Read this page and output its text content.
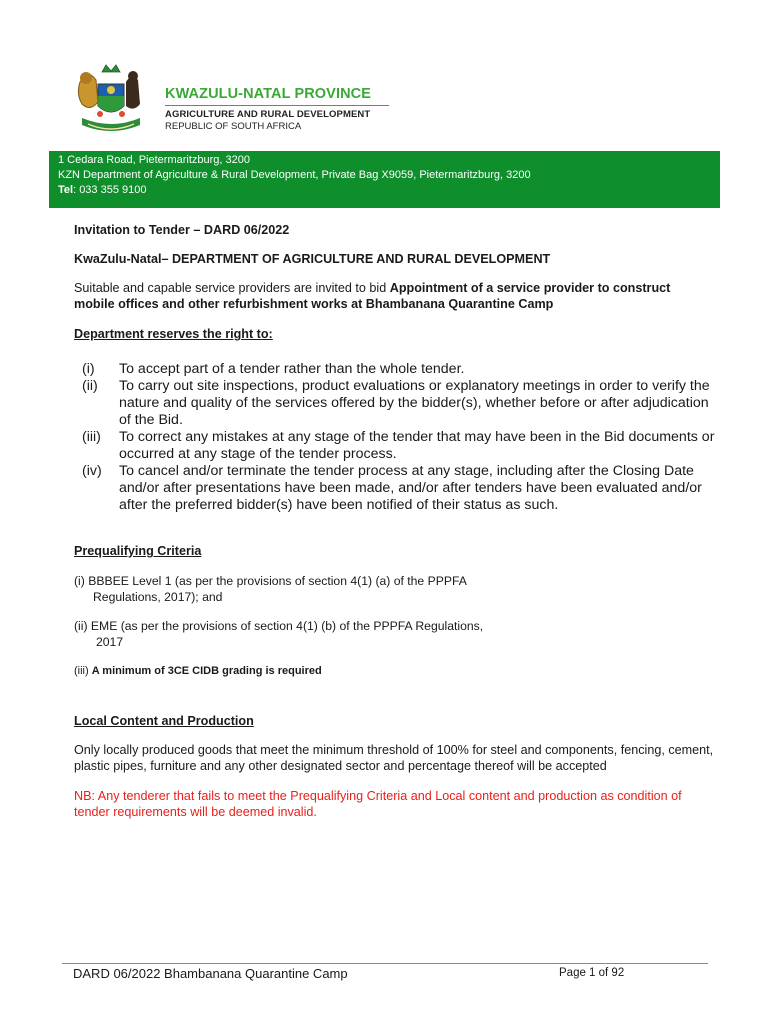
KWAZULU-NATAL PROVINCE
AGRICULTURE AND RURAL DEVELOPMENT
REPUBLIC OF SOUTH AFRICA
1 Cedara Road, Pietermaritzburg, 3200
KZN Department of Agriculture & Rural Development, Private Bag X9059, Pietermaritzburg, 3200
Tel: 033 355 9100

Invitation to Tender – DARD 06/2022

KwaZulu-Natal– DEPARTMENT OF AGRICULTURE AND RURAL DEVELOPMENT

Suitable and capable service providers are invited to bid Appointment of a service provider to construct mobile offices and other refurbishment works at Bhambanana Quarantine Camp

Department reserves the right to:

(i)	To accept part of a tender rather than the whole tender.
(ii)	To carry out site inspections, product evaluations or explanatory meetings in order to verify the nature and quality of the services offered by the bidder(s), whether before or after adjudication of the Bid.
(iii)	To correct any mistakes at any stage of the tender that may have been in the Bid documents or occurred at any stage of the tender process.
(iv)	To cancel and/or terminate the tender process at any stage, including after the Closing Date and/or after presentations have been made, and/or after tenders have been evaluated and/or after the preferred bidder(s) have been notified of their status as such.

Prequalifying Criteria

(i) BBBEE Level 1 (as per the provisions of section 4(1) (a) of the PPPFA

Regulations, 2017); and

(ii) EME (as per the provisions of section 4(1) (b) of the PPPFA Regulations,

2017

(iii) A minimum of 3CE CIDB grading is required

Local Content and Production

Only locally produced goods that meet the minimum threshold of 100% for steel and components, fencing, cement, plastic pipes, furniture and any other designated sector and percentage thereof will be accepted

NB: Any tenderer that fails to meet the Prequalifying Criteria and Local content and production as condition of tender requirements will be deemed invalid.

DARD 06/2022 Bhambanana Quarantine Camp	Page 1 of 92
